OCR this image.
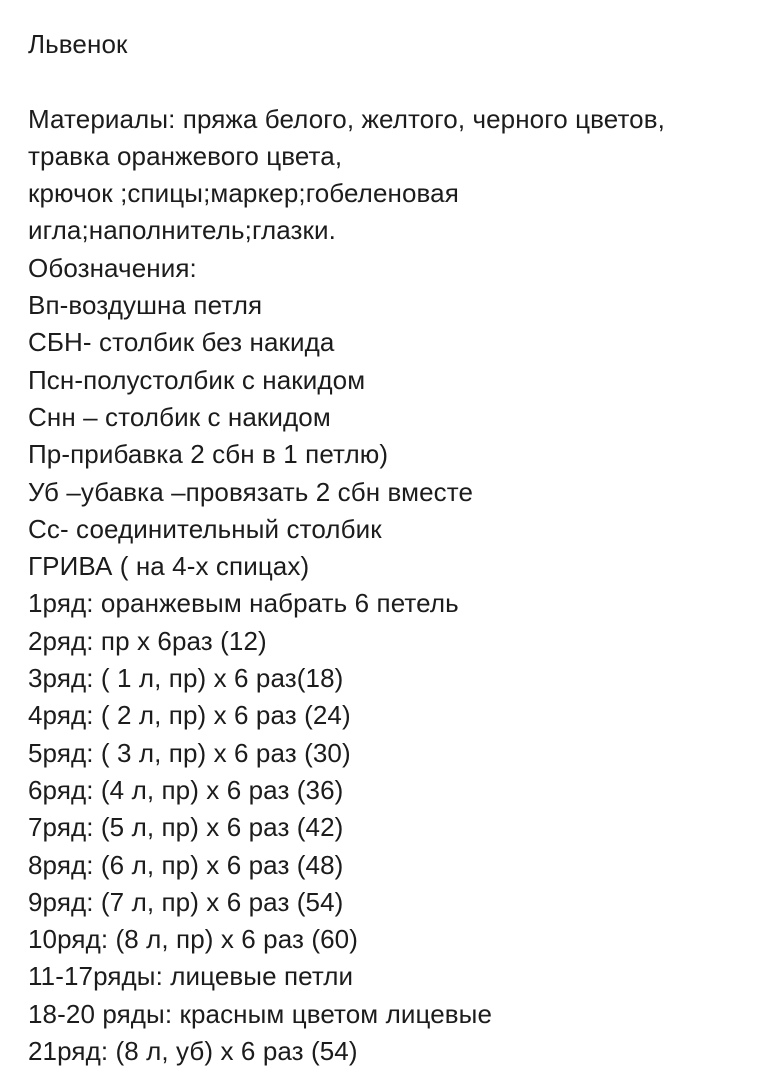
Львенок
Материалы: пряжа белого, желтого, черного цветов,
травка оранжевого цвета,
крючок ;спицы;маркер;гобеленовая
игла;наполнитель;глазки.
Обозначения:
Вп-воздушна петля
СБН- столбик без накида
Псн-полустолбик с накидом
Снн – столбик с накидом
Пр-прибавка 2 сбн в 1 петлю)
Уб –убавка –провязать 2 сбн вместе
Сс- соединительный столбик
ГРИВА ( на 4-х спицах)
1ряд: оранжевым набрать 6 петель
2ряд: пр х 6раз (12)
3ряд: ( 1 л, пр) х 6 раз(18)
4ряд: ( 2 л, пр) х 6 раз (24)
5ряд: ( 3 л, пр) х 6 раз (30)
6ряд: (4 л, пр) х 6 раз (36)
7ряд: (5 л, пр) х 6 раз (42)
8ряд: (6 л, пр) х 6 раз (48)
9ряд: (7 л, пр) х 6 раз (54)
10ряд: (8 л, пр) х 6 раз (60)
11-17ряды: лицевые петли
18-20 ряды: красным цветом лицевые
21ряд: (8 л, уб) х 6 раз (54)
